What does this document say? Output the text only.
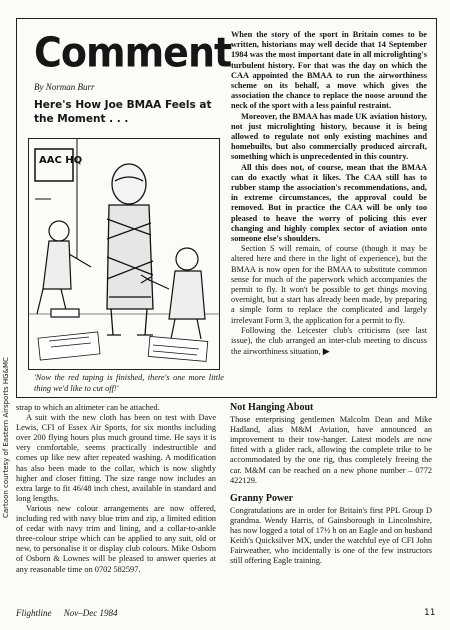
Comment
By Norman Burr
Here's How Joe BMAA Feels at the Moment . . .
Cartoon courtesy of Eastern Airsports HG&MC
AAC HQ
'Now the red taping is finished, there's one more little thing we'd like to cut off!'

When the story of the sport in Britain comes to be written, historians may well decide that 14 September 1984 was the most important date in all microlighting's turbulent history. For that was the day on which the CAA appointed the BMAA to run the airworthiness scheme on its behalf, a move which gives the association the chance to replace the noose around the neck of the sport with a less painful restraint.

Moreover, the BMAA has made UK aviation history, not just microlighting history, because it is being allowed to regulate not only existing machines and homebuilts, but also commercially produced aircraft, something which is unprecedented in this country.

All this does not, of course, mean that the BMAA can do exactly what it likes. The CAA still has to rubber stamp the association's recommendations, and, in extreme circumstances, the approval could be removed. But in practice the CAA will be only too pleased to heave the worry of policing this ever changing and highly complex sector of aviation onto someone else's shoulders.

Section S will remain, of course (though it may be altered here and there in the light of experience), but the BMAA is now open for the BMAA to substitute common sense for much of the paperwork which accompanies the permit to fly. It won't be possible to get things moving overnight, but a start has already been made, by preparing a simple form to replace the complicated and largely irrelevant Form 3, the application for a permit to fly.

Following the Leicester club's criticisms (see last issue), the club arranged an inter-club meeting to discuss the airworthiness situation, ▶

strap to which an altimeter can be attached.

A suit with the new cloth has been on test with Dave Lewis, CFI of Essex Air Sports, for six months including over 200 flying hours plus much ground time. He says it is very comfortable, seems practically indestructible and comes up like new after repeated washing. A modification has also been made to the collar, which is now slightly higher and closer fitting. The size range now includes an extra large to fit 46/48 inch chest, available in standard and long lengths.

Various new colour arrangements are now offered, including red with navy blue trim and zip, a limited edition of cedar with navy trim and lining, and a collar-to-ankle three-colour stripe which can be applied to any suit, old or new, to personalise it or display club colours. Mike Osborn of Osborn & Lownes will be pleased to answer queries at any reasonable time on 0702 582597.

Not Hanging About

Those enterprising gentlemen Malcolm Dean and Mike Hadland, alias M&M Aviation, have announced an improvement to their tow-hanger. Latest models are now fitted with a glider rack, allowing the complete trike to be accommodated by the one rig, thus completely freeing the car. M&M can be reached on a new phone number – 0772 422129.

Granny Power

Congratulations are in order for Britain's first PPL Group D grandma. Wendy Harris, of Gainsborough in Lincolnshire, has now logged a total of 17½ h on an Eagle and on husband Keith's Quicksilver MX, under the watchful eye of CFI John Fairweather, who incidentally is one of the few instructors still offering Eagle training.

Flightline Nov–Dec 1984	11
